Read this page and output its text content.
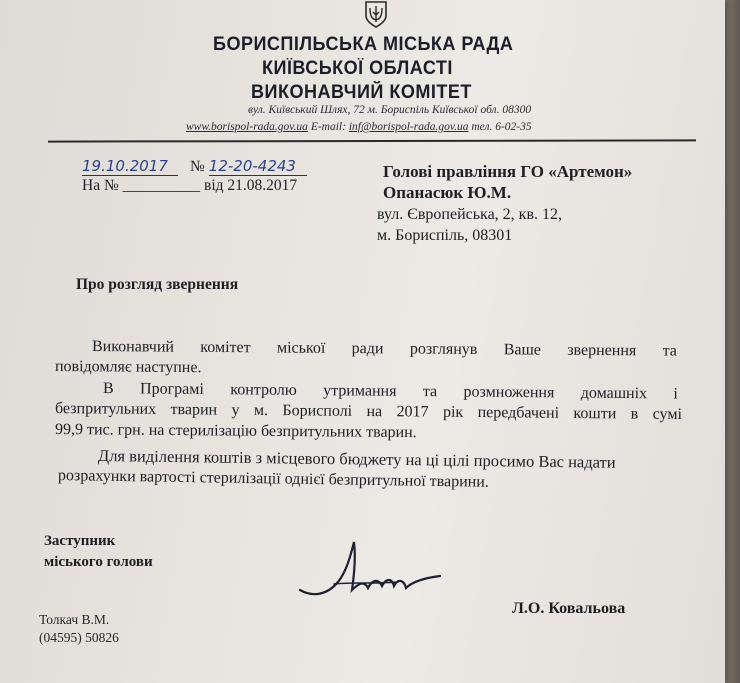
БОРИСПІЛЬСЬКА МІСЬКА РАДА
КИЇВСЬКОЇ ОБЛАСТІ
ВИКОНАВЧИЙ КОМІТЕТ
вул. Київський Шлях, 72 м. Бориспіль Київської обл. 08300
www.borispol-rada.gov.ua E-mail: inf@borispol-rada.gov.ua тел. 6-02-35
19.10.2017 № 12-20-4243
На № __________ від 21.08.2017
Голові правління ГО «Артемон»
Опанасюк Ю.М.
вул. Європейська, 2, кв. 12,
м. Бориспіль, 08301
Про розгляд звернення
Виконавчий комітет міської ради розглянув Ваше звернення та
повідомляє наступне.
В Програмі контролю утримання та розмноження домашніх і
безпритульних тварин у м. Борисполі на 2017 рік передбачені кошти в сумі
99,9 тис. грн. на стерилізацію безпритульних тварин.
Для виділення коштів з місцевого бюджету на ці цілі просимо Вас надати
розрахунки вартості стерилізації однієї безпритульної тварини.
Заступник
міського голови
Л.О. Ковальова
Толкач В.М.
(04595) 50826
